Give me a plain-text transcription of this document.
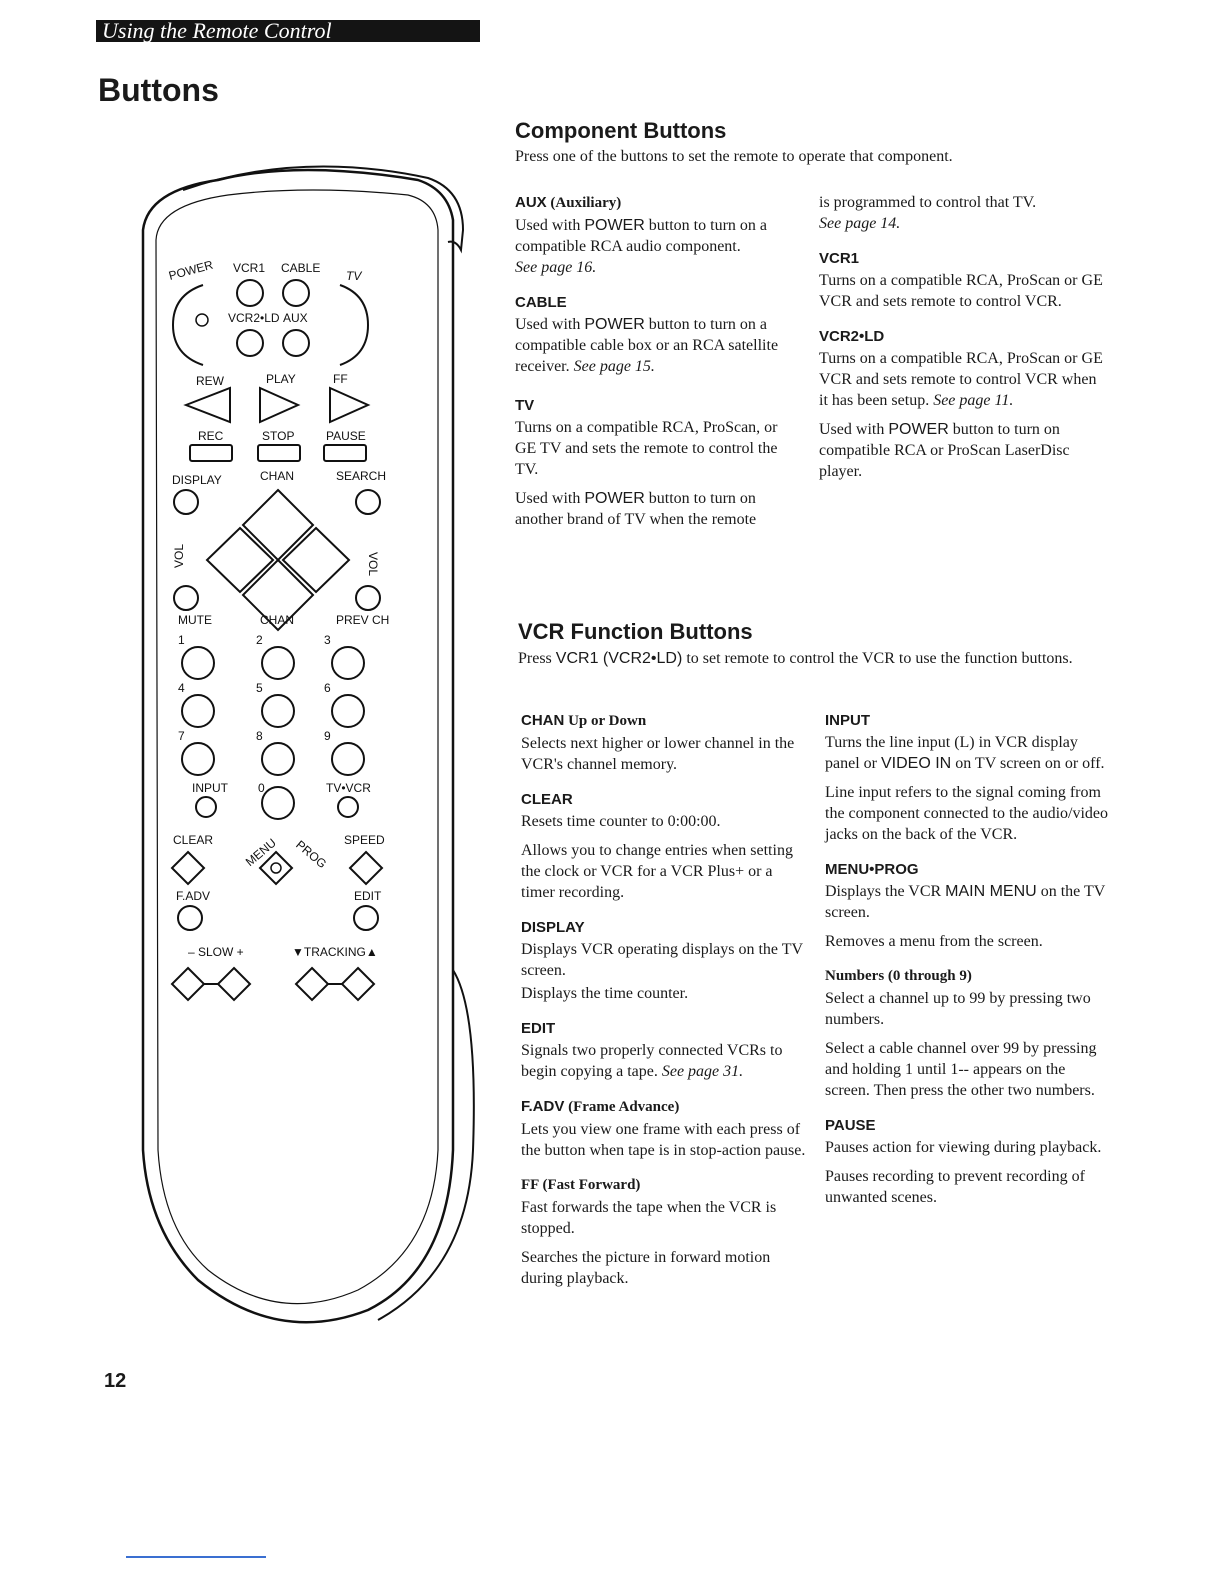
Using the Remote Control
Buttons
POWER VCR1 CABLE
TV
VCR2•LD AUX
REW	PLAY	FF
REC	STOP	PAUSE
DISPLAY	CHAN	SEARCH
VOL	VOL
MUTE	CHAN	PREV CH
1	2	3
4	5	6
7	8	9
INPUT	0	TV•VCR
CLEAR MENU PROG SPEED
F.ADV	EDIT
– SLOW +	▼TRACKING▲
Component Buttons

Press one of the buttons to set the remote to operate that component.

AUX (Auxiliary)

Used with POWER button to turn on a compatible RCA audio component.
See page 16.

CABLE

Used with POWER button to turn on a compatible cable box or an RCA satellite receiver. See page 15.

TV

Turns on a compatible RCA, ProScan, or GE TV and sets the remote to control the TV.

Used with POWER button to turn on another brand of TV when the remote

is programmed to control that TV.
See page 14.

VCR1

Turns on a compatible RCA, ProScan or GE VCR and sets remote to control VCR.

VCR2•LD

Turns on a compatible RCA, ProScan or GE VCR and sets remote to control VCR when it has been setup. See page 11.

Used with POWER button to turn on compatible RCA or ProScan LaserDisc player.

VCR Function Buttons

Press VCR1 (VCR2•LD) to set remote to control the VCR to use the function buttons.

CHAN Up or Down

Selects next higher or lower channel in the VCR's channel memory.

CLEAR

Resets time counter to 0:00:00.

Allows you to change entries when setting the clock or VCR for a VCR Plus+ or a timer recording.

DISPLAY

Displays VCR operating displays on the TV screen.

Displays the time counter.

EDIT

Signals two properly connected VCRs to begin copying a tape. See page 31.

F.ADV (Frame Advance)

Lets you view one frame with each press of the button when tape is in stop-action pause.

FF (Fast Forward)

Fast forwards the tape when the VCR is stopped.

Searches the picture in forward motion during playback.

INPUT

Turns the line input (L) in VCR display panel or VIDEO IN on TV screen on or off.

Line input refers to the signal coming from the component connected to the audio/video jacks on the back of the VCR.

MENU•PROG

Displays the VCR MAIN MENU on the TV screen.

Removes a menu from the screen.

Numbers (0 through 9)

Select a channel up to 99 by pressing two numbers.

Select a cable channel over 99 by pressing and holding 1 until 1-- appears on the screen. Then press the other two numbers.

PAUSE

Pauses action for viewing during playback.

Pauses recording to prevent recording of unwanted scenes.

12
